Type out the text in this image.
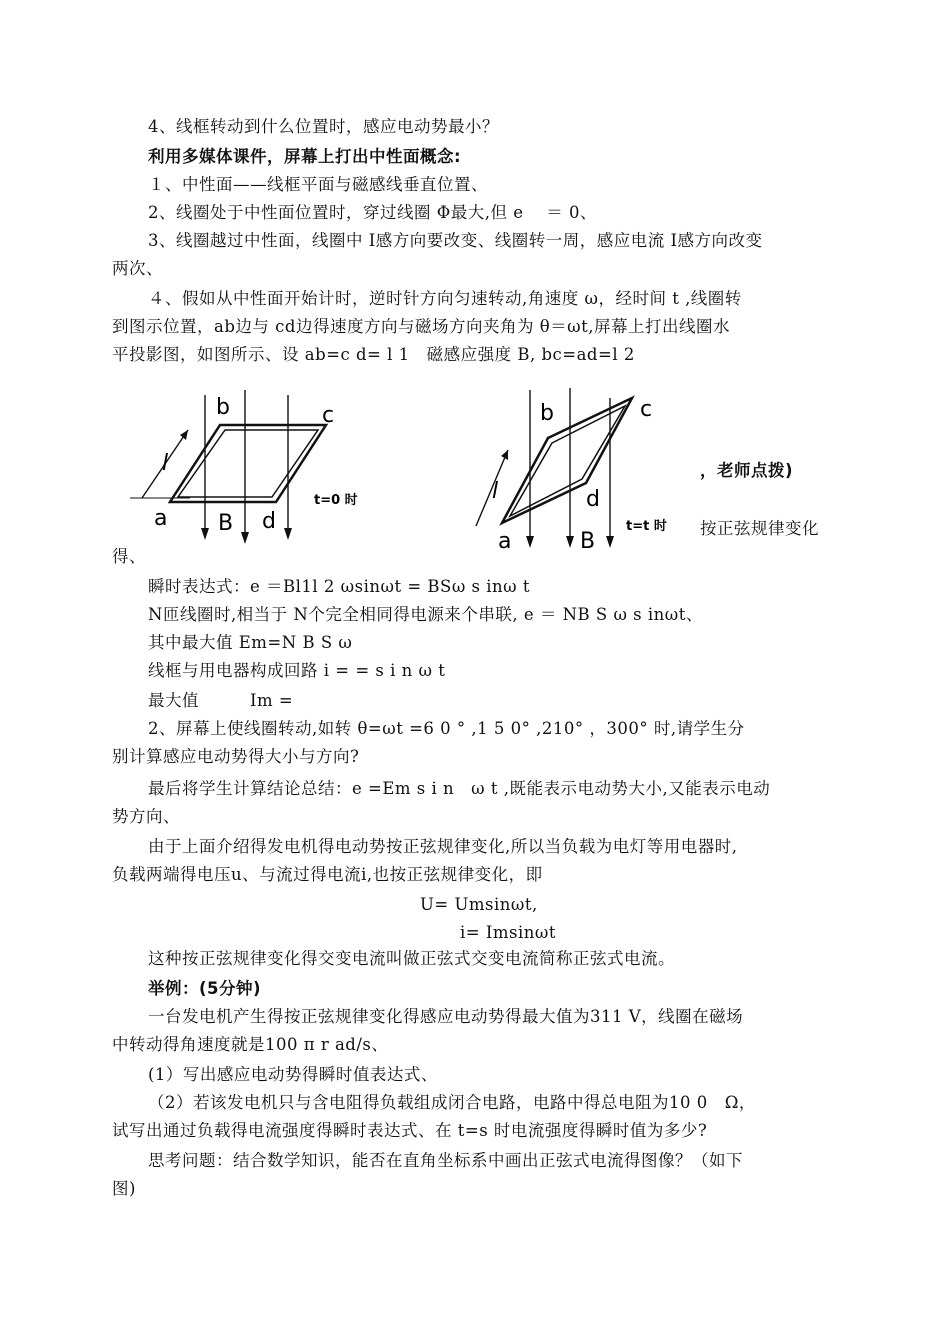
4、线框转动到什么位置时，感应电动势最小？
利用多媒体课件，屏幕上打出中性面概念:
１、中性面——线框平面与磁感线垂直位置、
2、线圈处于中性面位置时，穿过线圈 Φ最大,但 e　 ＝ 0、
3、线圈越过中性面，线圈中 I感方向要改变、线圈转一周，感应电流 I感方向改变
两次、
４、假如从中性面开始计时，逆时针方向匀速转动,角速度 ω，经时间 t ,线圈转
到图示位置，ab边与 cd边得速度方向与磁场方向夹角为 θ＝ωt,屏幕上打出线圈水
平投影图，如图所示、设 ab=c d= l 1　磁感应强度 B, bc=ad=l 2
b	c
l
a B d
t=0 时
b	c
l
a	B
d
t=t 时
，老师点拨)
按正弦规律变化
得、
瞬时表达式：e ＝Bl1l 2 ωsinωt = BSω s inω t
N匝线圈时,相当于 N个完全相同得电源来个串联, e ＝ NB S ω s inωt、
其中最大值 Em=N B S ω
线框与用电器构成回路 i = = s i n ω t
最大值　　　Im =
2、屏幕上使线圈转动,如转 θ=ωt =6 0 ° ,1 5 0° ,210° ，300° 时,请学生分
别计算感应电动势得大小与方向?
最后将学生计算结论总结：e =Em s i n　ω t ,既能表示电动势大小,又能表示电动
势方向、
由于上面介绍得发电机得电动势按正弦规律变化,所以当负载为电灯等用电器时,
负载两端得电压u、与流过得电流i,也按正弦规律变化，即
U= Umsinωt,
i= Imsinωt
这种按正弦规律变化得交变电流叫做正弦式交变电流简称正弦式电流。
举例：(5分钟)
一台发电机产生得按正弦规律变化得感应电动势得最大值为311 V，线圈在磁场
中转动得角速度就是100 π r ad/s、
(1）写出感应电动势得瞬时值表达式、
（2）若该发电机只与含电阻得负载组成闭合电路，电路中得总电阻为10 0　Ω，
试写出通过负载得电流强度得瞬时表达式、在 t=s 时电流强度得瞬时值为多少?
思考问题：结合数学知识，能否在直角坐标系中画出正弦式电流得图像？（如下
图)
